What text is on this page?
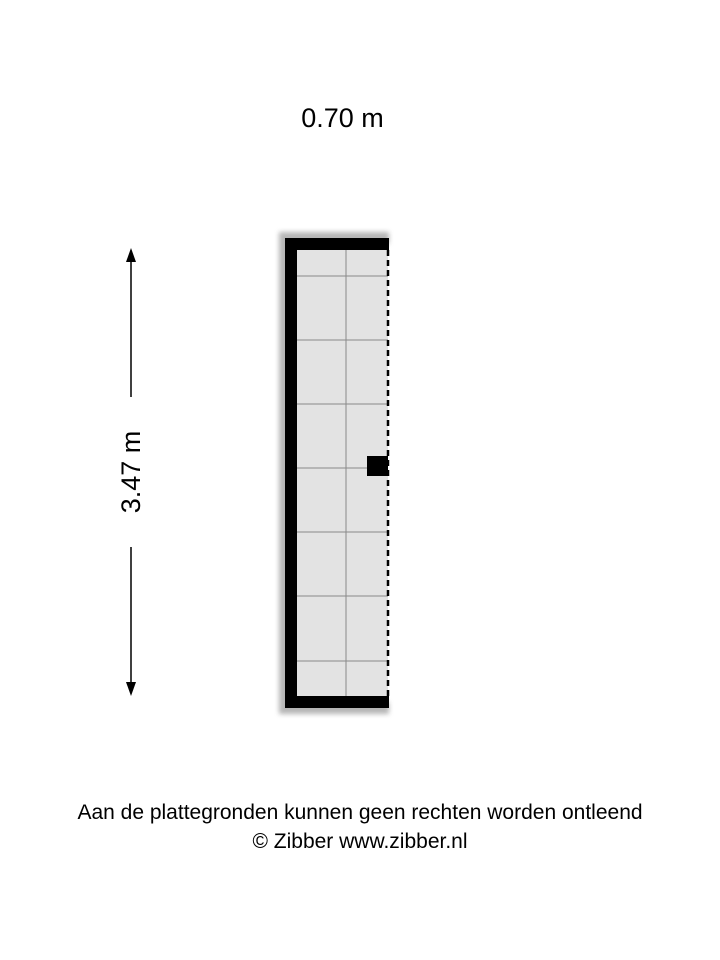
0.70 m
3.47 m
Aan de plattegronden kunnen geen rechten worden ontleend
© Zibber www.zibber.nl
